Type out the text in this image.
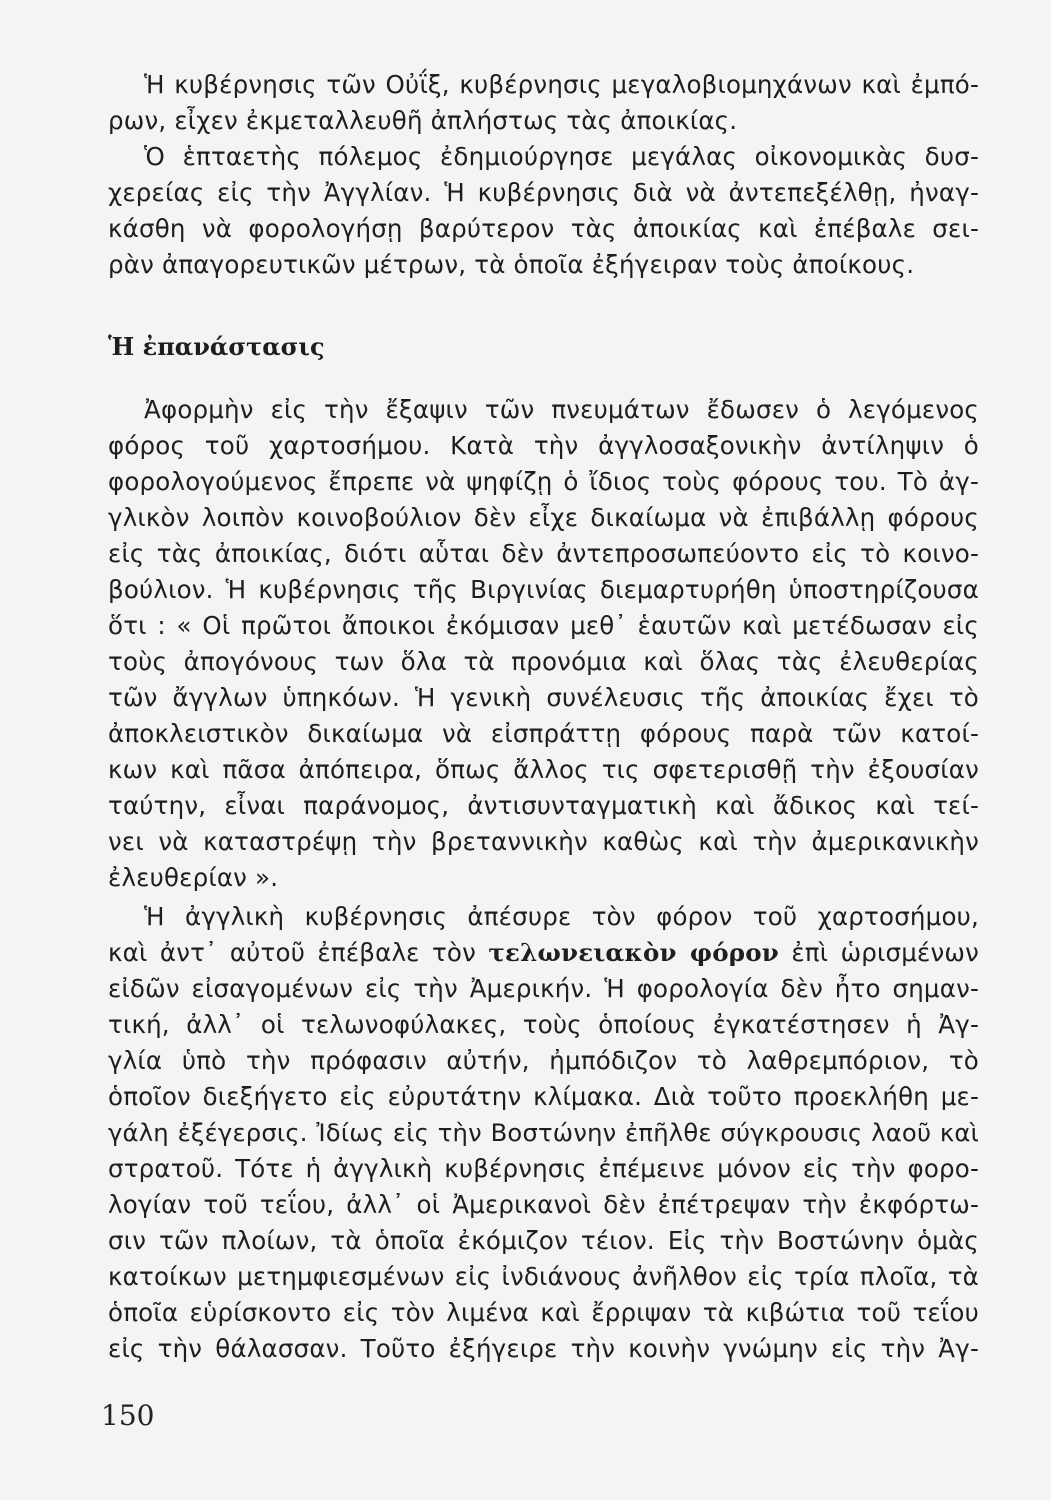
Ἡ κυβέρνησις τῶν Οὐΐξ, κυβέρνησις μεγαλοβιομηχάνων καὶ ἐμπό-
ρων, εἶχεν ἐκμεταλλευθῆ ἀπλήστως τὰς ἀποικίας.
Ὁ ἑπταετὴς πόλεμος ἐδημιούργησε μεγάλας οἰκονομικὰς δυσ-
χερείας εἰς τὴν Ἀγγλίαν. Ἡ κυβέρνησις διὰ νὰ ἀντεπεξέλθῃ, ἠναγ-
κάσθη νὰ φορολογήσῃ βαρύτερον τὰς ἀποικίας καὶ ἐπέβαλε σει-
ρὰν ἀπαγορευτικῶν μέτρων, τὰ ὁποῖα ἐξήγειραν τοὺς ἀποίκους.
Ἡ ἐπανάστασις
Ἀφορμὴν εἰς τὴν ἔξαψιν τῶν πνευμάτων ἔδωσεν ὁ λεγόμενος
φόρος τοῦ χαρτοσήμου. Κατὰ τὴν ἀγγλοσαξονικὴν ἀντίληψιν ὁ
φορολογούμενος ἔπρεπε νὰ ψηφίζῃ ὁ ἴδιος τοὺς φόρους του. Τὸ ἀγ-
γλικὸν λοιπὸν κοινοβούλιον δὲν εἶχε δικαίωμα νὰ ἐπιβάλλῃ φόρους
εἰς τὰς ἀποικίας, διότι αὗται δὲν ἀντεπροσωπεύοντο εἰς τὸ κοινο-
βούλιον. Ἡ κυβέρνησις τῆς Βιργινίας διεμαρτυρήθη ὑποστηρίζουσα
ὅτι : « Οἱ πρῶτοι ἄποικοι ἐκόμισαν μεθ᾿ ἑαυτῶν καὶ μετέδωσαν εἰς
τοὺς ἀπογόνους των ὅλα τὰ προνόμια καὶ ὅλας τὰς ἐλευθερίας
τῶν ἄγγλων ὑπηκόων. Ἡ γενικὴ συνέλευσις τῆς ἀποικίας ἔχει τὸ
ἀποκλειστικὸν δικαίωμα νὰ εἰσπράττῃ φόρους παρὰ τῶν κατοί-
κων καὶ πᾶσα ἀπόπειρα, ὅπως ἄλλος τις σφετερισθῇ τὴν ἐξουσίαν
ταύτην, εἶναι παράνομος, ἀντισυνταγματικὴ καὶ ἄδικος καὶ τεί-
νει νὰ καταστρέψῃ τὴν βρεταννικὴν καθὼς καὶ τὴν ἀμερικανικὴν
ἐλευθερίαν ».
Ἡ ἀγγλικὴ κυβέρνησις ἀπέσυρε τὸν φόρον τοῦ χαρτοσήμου,
καὶ ἀντ᾿ αὐτοῦ ἐπέβαλε τὸν τελωνειακὸν φόρον ἐπὶ ὡρισμένων
εἰδῶν εἰσαγομένων εἰς τὴν Ἀμερικήν. Ἡ φορολογία δὲν ἦτο σημαν-
τική, ἀλλ᾿ οἱ τελωνοφύλακες, τοὺς ὁποίους ἐγκατέστησεν ἡ Ἀγ-
γλία ὑπὸ τὴν πρόφασιν αὐτήν, ἠμπόδιζον τὸ λαθρεμπόριον, τὸ
ὁποῖον διεξήγετο εἰς εὐρυτάτην κλίμακα. Διὰ τοῦτο προεκλήθη με-
γάλη ἐξέγερσις. Ἰδίως εἰς τὴν Βοστώνην ἐπῆλθε σύγκρουσις λαοῦ καὶ
στρατοῦ. Τότε ἡ ἀγγλικὴ κυβέρνησις ἐπέμεινε μόνον εἰς τὴν φορο-
λογίαν τοῦ τεΐου, ἀλλ᾿ οἱ Ἀμερικανοὶ δὲν ἐπέτρεψαν τὴν ἐκφόρτω-
σιν τῶν πλοίων, τὰ ὁποῖα ἐκόμιζον τέιον. Εἰς τὴν Βοστώνην ὁμὰς
κατοίκων μετημφιεσμένων εἰς ἰνδιάνους ἀνῆλθον εἰς τρία πλοῖα, τὰ
ὁποῖα εὑρίσκοντο εἰς τὸν λιμένα καὶ ἔρριψαν τὰ κιβώτια τοῦ τεΐου
εἰς τὴν θάλασσαν. Τοῦτο ἐξήγειρε τὴν κοινὴν γνώμην εἰς τὴν Ἀγ-
150
